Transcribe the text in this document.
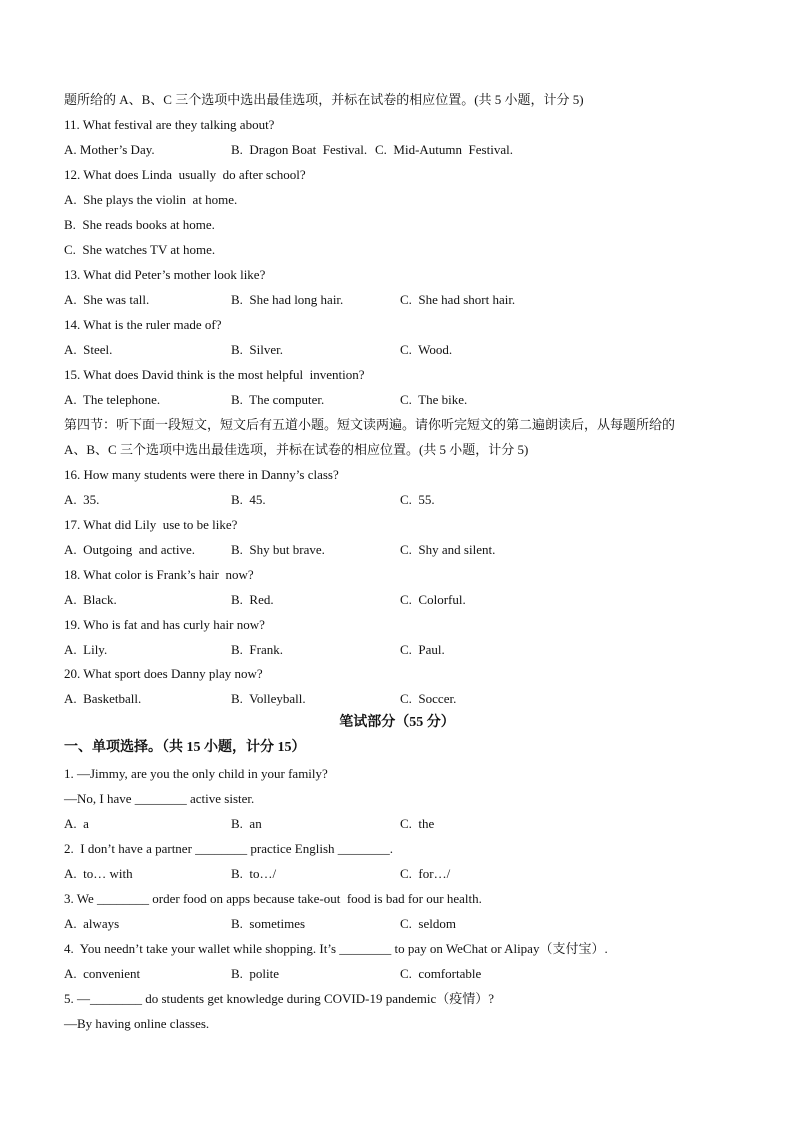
题所给的 A、B、C 三个选项中选出最佳选项，并标在试卷的相应位置。(共 5 小题，计分 5)
11. What festival are they talking about?
A. Mother’s Day.	B.  Dragon Boat  Festival. C.  Mid-Autumn  Festival.
12. What does Linda  usually  do after school?
A.  She plays the violin  at home.
B.  She reads books at home.
C.  She watches TV at home.
13. What did Peter’s mother look like?
A.  She was tall.	B.  She had long hair.	C.  She had short hair.
14. What is the ruler made of?
A.  Steel.	B.  Silver.	C.  Wood.
15. What does David think is the most helpful  invention?
A.  The telephone.	B.  The computer.	C.  The bike.
第四节：听下面一段短文，短文后有五道小题。短文读两遍。请你听完短文的第二遍朗读后，从每题所给的
A、B、C 三个选项中选出最佳选项，并标在试卷的相应位置。(共 5 小题，计分 5)
16. How many students were there in Danny’s class?
A.  35.	B.  45.	C.  55.
17. What did Lily  use to be like?
A.  Outgoing  and active.	B.  Shy but brave.	C.  Shy and silent.
18. What color is Frank’s hair  now?
A.  Black.	B.  Red.	C.  Colorful.
19. Who is fat and has curly hair now?
A.  Lily.	B.  Frank.	C.  Paul.
20. What sport does Danny play now?
A.  Basketball.	B.  Volleyball.	C.  Soccer.
笔试部分（55 分）
一、单项选择。（共 15 小题，计分 15）
1. —Jimmy, are you the only child in your family?
—No, I have ________ active sister.
A.  a	B.  an	C.  the
2.  I don’t have a partner ________ practice English ________.
A.  to… with	B.  to…/	C.  for…/
3. We ________ order food on apps because take-out  food is bad for our health.
A.  always	B.  sometimes	C.  seldom
4.  You needn’t take your wallet while shopping. It’s ________ to pay on WeChat or Alipay（支付宝）.
A.  convenient	B.  polite	C.  comfortable
5. —________ do students get knowledge during COVID-19 pandemic（疫情）?
—By having online classes.
